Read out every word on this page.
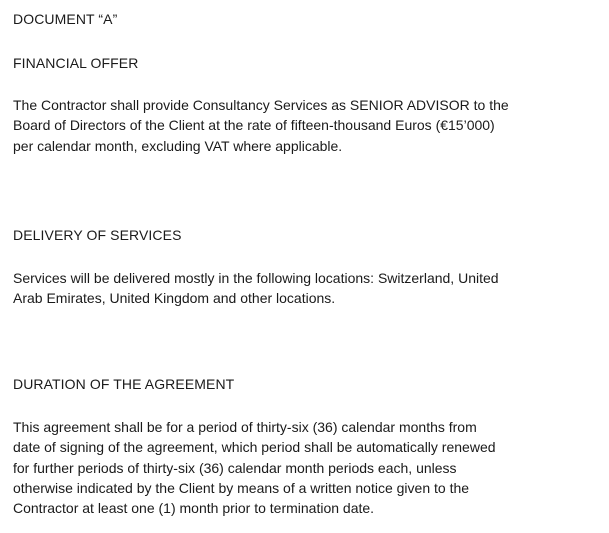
DOCUMENT “A”
FINANCIAL OFFER

The Contractor shall provide Consultancy Services as SENIOR ADVISOR to the
Board of Directors of the Client at the rate of fifteen-thousand Euros (€15’000)
per calendar month, excluding VAT where applicable.

DELIVERY OF SERVICES

Services will be delivered mostly in the following locations: Switzerland, United
Arab Emirates, United Kingdom and other locations.

DURATION OF THE AGREEMENT

This agreement shall be for a period of thirty-six (36) calendar months from
date of signing of the agreement, which period shall be automatically renewed
for further periods of thirty-six (36) calendar month periods each, unless
otherwise indicated by the Client by means of a written notice given to the
Contractor at least one (1) month prior to termination date.
